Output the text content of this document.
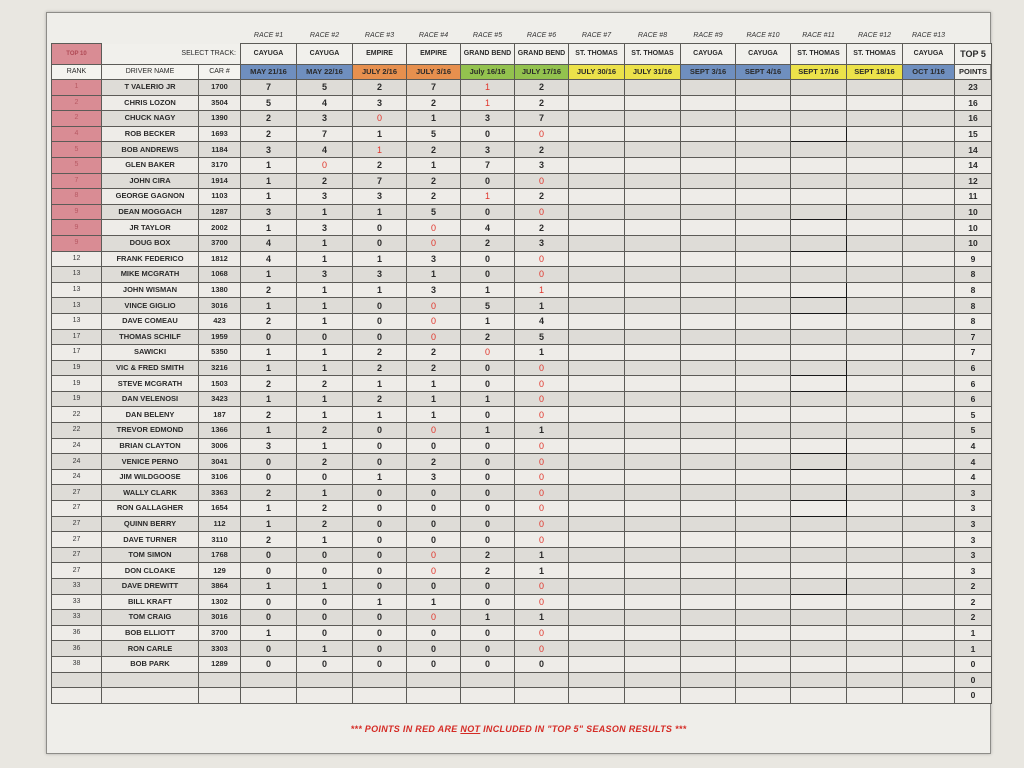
			RACE #1	RACE #2	RACE #3	RACE #4	RACE #5	RACE #6	RACE #7	RACE #8	RACE #9	RACE #10	RACE #11	RACE #12	RACE #13	
TOP 10	SELECT TRACK:		CAYUGA	CAYUGA	EMPIRE	EMPIRE	GRAND BEND	GRAND BEND	ST. THOMAS	ST. THOMAS	CAYUGA	CAYUGA	ST. THOMAS	ST. THOMAS	CAYUGA	TOP 5
RANK	DRIVER NAME	CAR #	MAY 21/16	MAY 22/16	JULY 2/16	JULY 3/16	July 16/16	JULY 17/16	JULY 30/16	JULY 31/16	SEPT 3/16	SEPT 4/16	SEPT 17/16	SEPT 18/16	OCT 1/16	POINTS
1	T VALERIO JR	1700	7	5	2	7	1	2								23
2	CHRIS LOZON	3504	5	4	3	2	1	2								16
2	CHUCK NAGY	1390	2	3	0	1	3	7								16
4	ROB BECKER	1693	2	7	1	5	0	0								15
5	BOB ANDREWS	1184	3	4	1	2	3	2								14
5	GLEN BAKER	3170	1	0	2	1	7	3								14
7	JOHN CIRA	1914	1	2	7	2	0	0								12
8	GEORGE GAGNON	1103	1	3	3	2	1	2								11
9	DEAN MOGGACH	1287	3	1	1	5	0	0								10
9	JR TAYLOR	2002	1	3	0	0	4	2								10
9	DOUG BOX	3700	4	1	0	0	2	3								10
12	FRANK FEDERICO	1812	4	1	1	3	0	0								9
13	MIKE MCGRATH	1068	1	3	3	1	0	0								8
13	JOHN WISMAN	1380	2	1	1	3	1	1								8
13	VINCE GIGLIO	3016	1	1	0	0	5	1								8
13	DAVE COMEAU	423	2	1	0	0	1	4								8
17	THOMAS SCHILF	1959	0	0	0	0	2	5								7
17	SAWICKI	5350	1	1	2	2	0	1								7
19	VIC & FRED SMITH	3216	1	1	2	2	0	0								6
19	STEVE MCGRATH	1503	2	2	1	1	0	0								6
19	DAN VELENOSI	3423	1	1	2	1	1	0								6
22	DAN BELENY	187	2	1	1	1	0	0								5
22	TREVOR EDMOND	1366	1	2	0	0	1	1								5
24	BRIAN CLAYTON	3006	3	1	0	0	0	0								4
24	VENICE PERNO	3041	0	2	0	2	0	0								4
24	JIM WILDGOOSE	3106	0	0	1	3	0	0								4
27	WALLY CLARK	3363	2	1	0	0	0	0								3
27	RON GALLAGHER	1654	1	2	0	0	0	0								3
27	QUINN BERRY	112	1	2	0	0	0	0								3
27	DAVE TURNER	3110	2	1	0	0	0	0								3
27	TOM SIMON	1768	0	0	0	0	2	1								3
27	DON CLOAKE	129	0	0	0	0	2	1								3
33	DAVE DREWITT	3864	1	1	0	0	0	0								2
33	BILL KRAFT	1302	0	0	1	1	0	0								2
33	TOM CRAIG	3016	0	0	0	0	1	1								2
36	BOB ELLIOTT	3700	1	0	0	0	0	0								1
36	RON CARLE	3303	0	1	0	0	0	0								1
38	BOB PARK	1289	0	0	0	0	0	0								0
																0
																0
*** POINTS IN RED ARE NOT INCLUDED IN "TOP 5" SEASON RESULTS ***
